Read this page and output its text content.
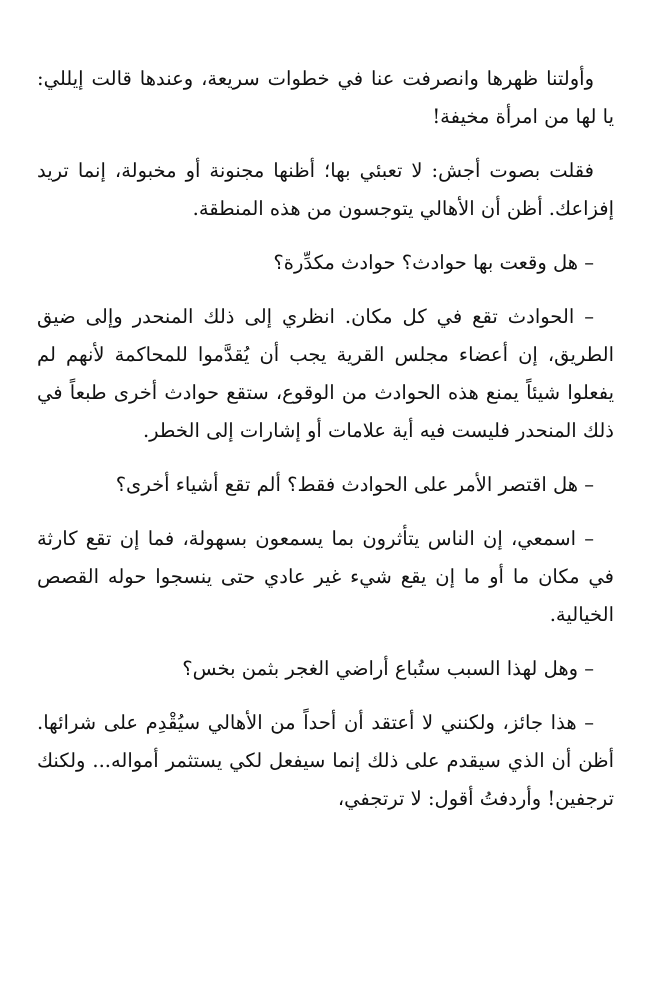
وأولتنا ظهرها وانصرفت عنا في خطوات سريعة، وعندها قالت إيللي: يا لها من امرأة مخيفة!

فقلت بصوت أجش: لا تعبئي بها؛ أظنها مجنونة أو مخبولة، إنما تريد إفزاعك. أظن أن الأهالي يتوجسون من هذه المنطقة.

– هل وقعت بها حوادث؟ حوادث مكدِّرة؟

– الحوادث تقع في كل مكان. انظري إلى ذلك المنحدر وإلى ضيق الطريق، إن أعضاء مجلس القرية يجب أن يُقدَّموا للمحاكمة لأنهم لم يفعلوا شيئاً يمنع هذه الحوادث من الوقوع، ستقع حوادث أخرى طبعاً في ذلك المنحدر فليست فيه أية علامات أو إشارات إلى الخطر.

– هل اقتصر الأمر على الحوادث فقط؟ ألم تقع أشياء أخرى؟

– اسمعي، إن الناس يتأثرون بما يسمعون بسهولة، فما إن تقع كارثة في مكان ما أو ما إن يقع شيء غير عادي حتى ينسجوا حوله القصص الخيالية.

– وهل لهذا السبب ستُباع أراضي الغجر بثمن بخس؟

– هذا جائز، ولكنني لا أعتقد أن أحداً من الأهالي سيُقْدِم على شرائها. أظن أن الذي سيقدم على ذلك إنما سيفعل لكي يستثمر أمواله... ولكنك ترجفين! وأردفتُ أقول: لا ترتجفي،
